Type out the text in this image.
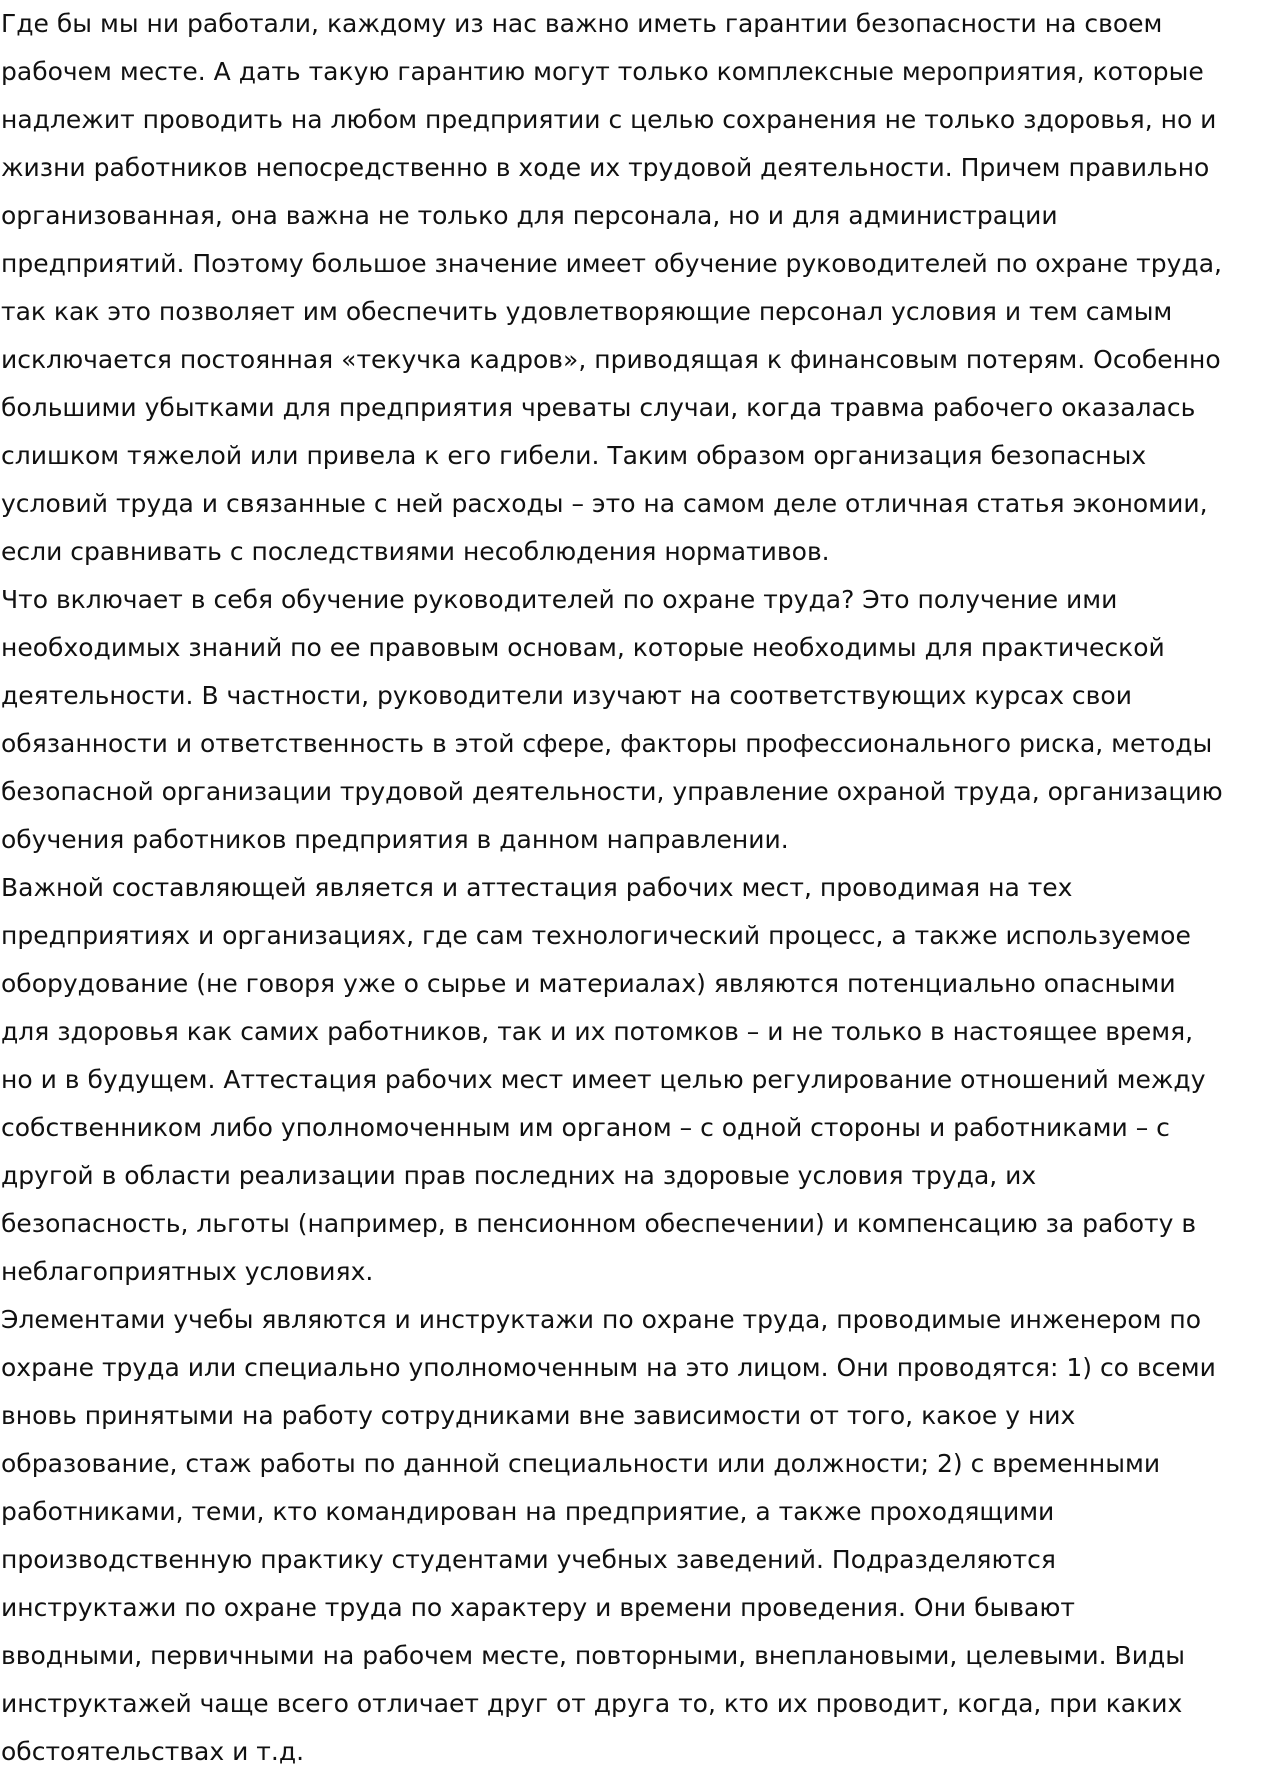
Где бы мы ни работали, каждому из нас важно иметь гарантии безопасности на своем
рабочем месте. А дать такую гарантию могут только комплексные мероприятия, которые
надлежит проводить на любом предприятии с целью сохранения не только здоровья, но и
жизни работников непосредственно в ходе их трудовой деятельности. Причем правильно
организованная, она важна не только для персонала, но и для администрации
предприятий. Поэтому большое значение имеет обучение руководителей по охране труда,
так как это позволяет им обеспечить удовлетворяющие персонал условия и тем самым
исключается постоянная «текучка кадров», приводящая к финансовым потерям. Особенно
большими убытками для предприятия чреваты случаи, когда травма рабочего оказалась
слишком тяжелой или привела к его гибели. Таким образом организация безопасных
условий труда и связанные с ней расходы – это на самом деле отличная статья экономии,
если сравнивать с последствиями несоблюдения нормативов.

Что включает в себя обучение руководителей по охране труда? Это получение ими
необходимых знаний по ее правовым основам, которые необходимы для практической
деятельности. В частности, руководители изучают на соответствующих курсах свои
обязанности и ответственность в этой сфере, факторы профессионального риска, методы
безопасной организации трудовой деятельности, управление охраной труда, организацию
обучения работников предприятия в данном направлении.

Важной составляющей является и аттестация рабочих мест, проводимая на тех
предприятиях и организациях, где сам технологический процесс, а также используемое
оборудование (не говоря уже о сырье и материалах) являются потенциально опасными
для здоровья как самих работников, так и их потомков – и не только в настоящее время,
но и в будущем. Аттестация рабочих мест имеет целью регулирование отношений между
собственником либо уполномоченным им органом – с одной стороны и работниками – с
другой в области реализации прав последних на здоровые условия труда, их
безопасность, льготы (например, в пенсионном обеспечении) и компенсацию за работу в
неблагоприятных условиях.

Элементами учебы являются и инструктажи по охране труда, проводимые инженером по
охране труда или специально уполномоченным на это лицом. Они проводятся: 1) со всеми
вновь принятыми на работу сотрудниками вне зависимости от того, какое у них
образование, стаж работы по данной специальности или должности; 2) с временными
работниками, теми, кто командирован на предприятие, а также проходящими
производственную практику студентами учебных заведений. Подразделяются
инструктажи по охране труда по характеру и времени проведения. Они бывают
вводными, первичными на рабочем месте, повторными, внеплановыми, целевыми. Виды
инструктажей чаще всего отличает друг от друга то, кто их проводит, когда, при каких
обстоятельствах и т.д.
